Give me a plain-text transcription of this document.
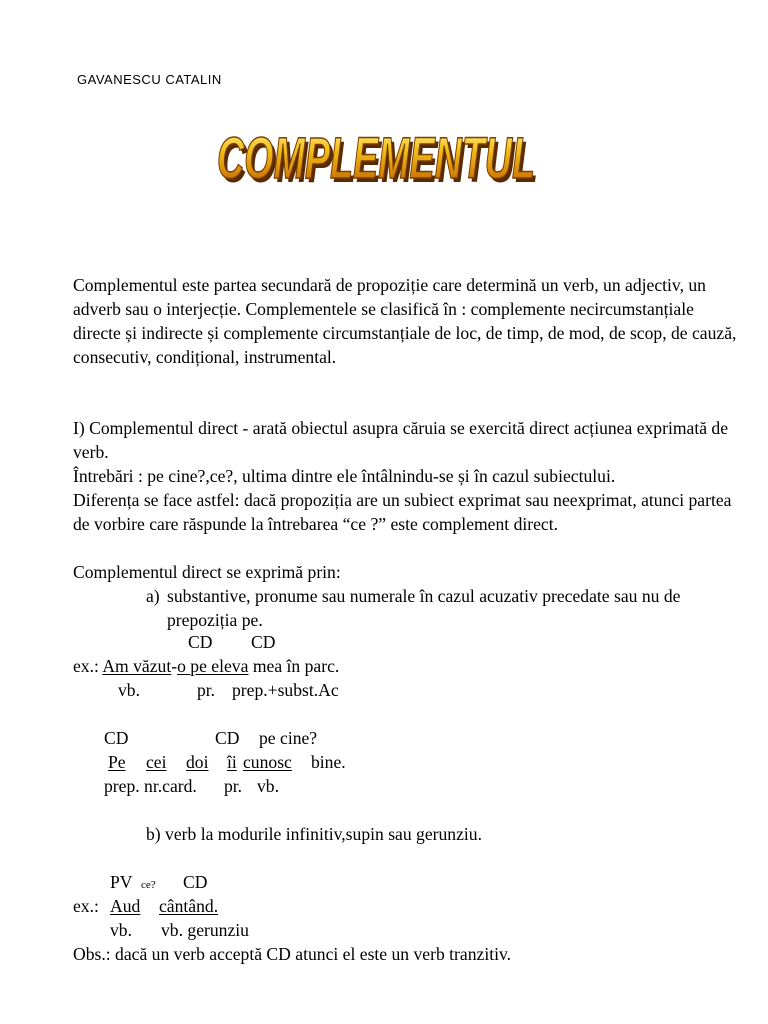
GAVANESCU CATALIN
COMPLEMENTUL
COMPLEMENTUL
Complementul este partea secundară de propoziție care determină un verb, un adjectiv, un adverb sau o interjecție. Complementele se clasifică în : complemente necircumstanțiale directe și indirecte și complemente circumstanțiale de loc, de timp, de mod, de scop, de cauză, consecutiv, condițional, instrumental.
I) Complementul direct - arată obiectul asupra căruia se exercită direct acțiunea exprimată de verb.
Întrebări : pe cine?,ce?, ultima dintre ele întâlnindu-se și în cazul subiectului.
Diferența se face astfel: dacă propoziția are un subiect exprimat sau neexprimat, atunci partea de vorbire care răspunde la întrebarea “ce ?” este complement direct.
Complementul direct se exprimă prin:
a) substantive, pronume sau numerale în cazul acuzativ precedate sau nu de prepoziția pe.
CD CD
ex.: Am văzut-o pe eleva mea în parc.
vb.	pr. prep.+subst.Ac
CD	CD pe cine?
Pe cei doi îi cunosc bine.
prep. nr.card. pr. vb.
b) verb la modurile infinitiv,supin sau gerunziu.
PV ce? CD
ex.: Aud cântând.
vb. vb. gerunziu
Obs.: dacă un verb acceptă CD atunci el este un verb tranzitiv.
